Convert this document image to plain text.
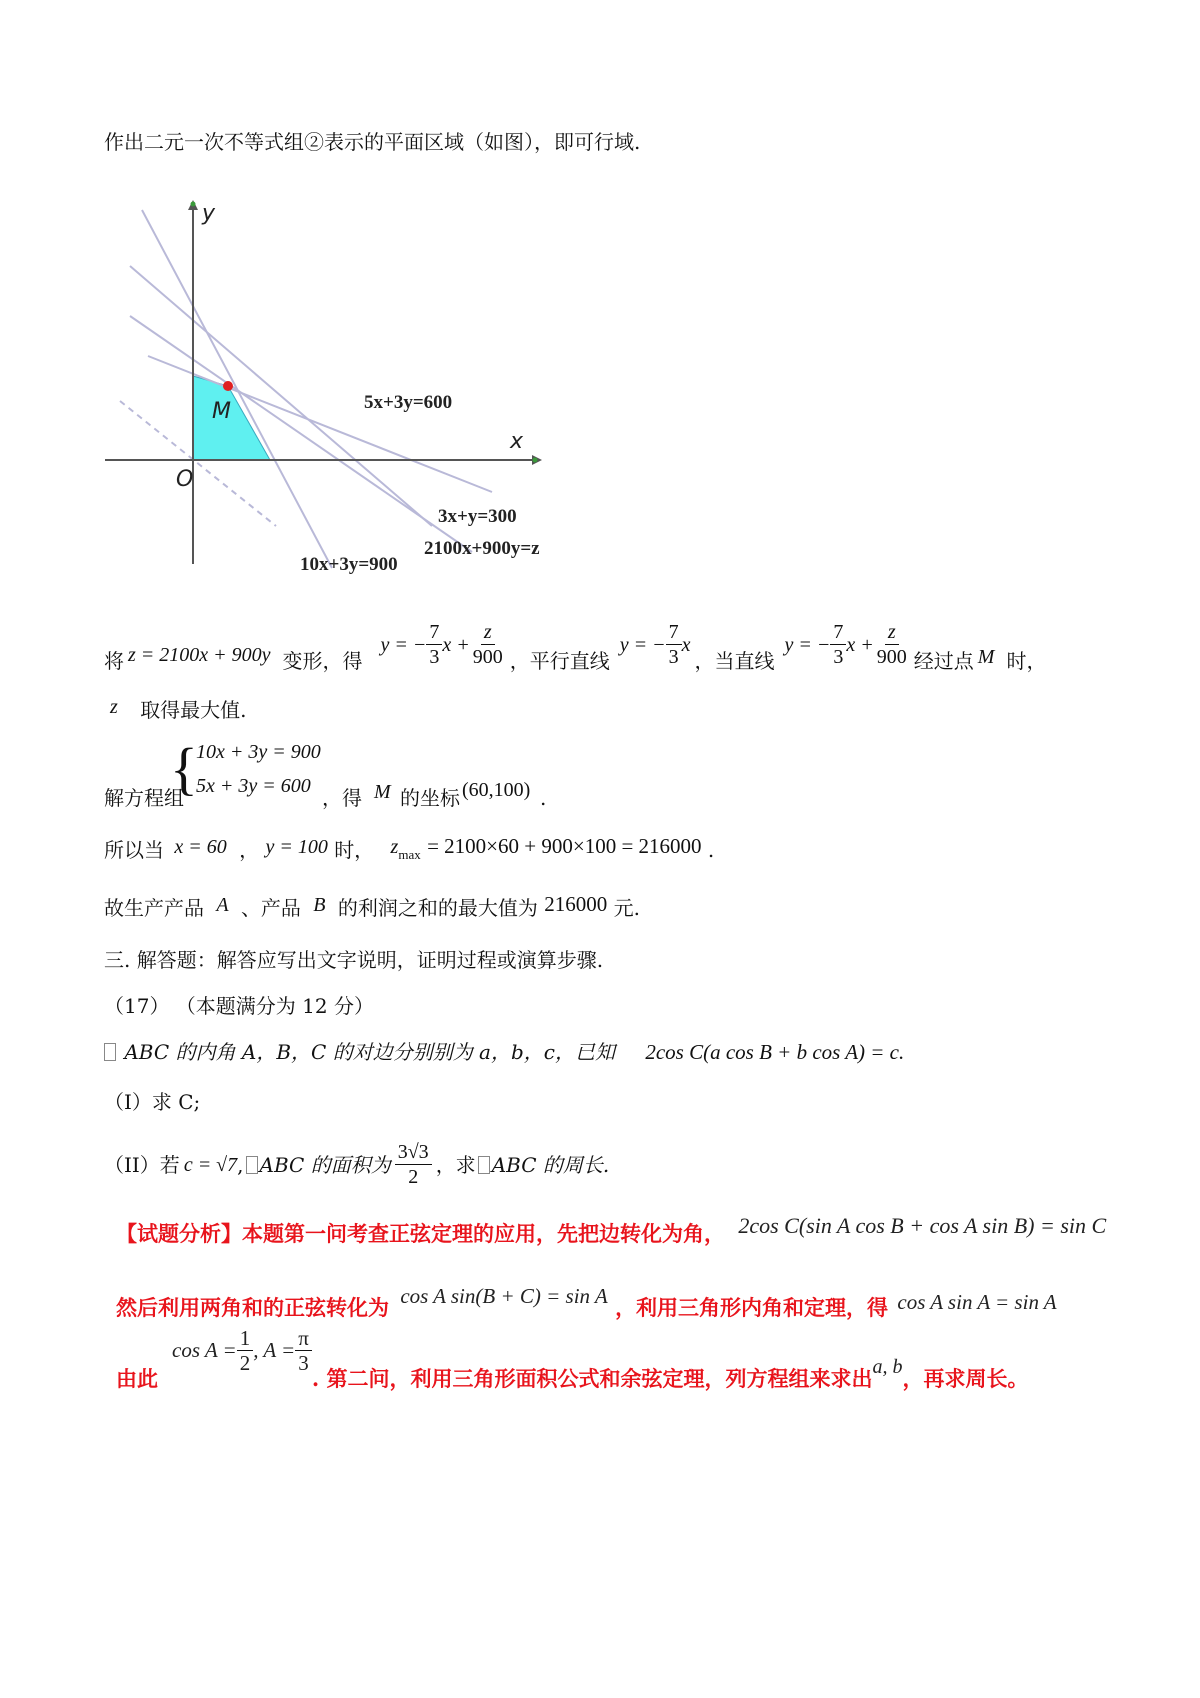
作出二元一次不等式组②表示的平面区域（如图），即可行域.
y
x
O
M	5x+3y=600
3x+y=300
2100x+900y=z
10x+3y=900
将 z = 2100x + 900y 变形，得
y = − $\frac{7}{3}$ $x + \frac{z}{900}$ ，平行直线
y = − $\frac{7}{3}$ x
，当直线
y = − $\frac{7}{3}$ $x + \frac{z}{900}$ 经过点 M 时，
z 取得最大值.
{
10x + 3y = 900
5x + 3y = 600
解方程组	，得 M 的坐标 (60,100) .
所以当 x = 60 ， y = 100 时， zmax = 2100×60 + 900×100 = 216000 .
故生产产品 A 、产品 B 的利润之和的最大值为 216000 元.
三. 解答题：解答应写出文字说明，证明过程或演算步骤.
（17） （本题满分为 12 分）
ABC 的内角 A，B，C 的对边分别别为 a，b，c，已知 2cos C(a cos B + b cos A) = c.
（I）求 C;
（II）若 c = √7 , ABC 的面积为 $\frac{3√3}{2}$ ，求 ABC 的周长.
【试题分析】本题第一问考查正弦定理的应用，先把边转化为角， 2cos C(sin A cos B + cos A sin B) = sin C
然后利用两角和的正弦转化为 cos A sin(B + C) = sin A ，利用三角形内角和定理，得 cos A sin A = sin A
由此
$\cos A = \frac{1}{2}$ , $A = \frac{\pi}{3}$
. 第二问，利用三角形面积公式和余弦定理，列方程组来求出 a, b ，再求周长。
